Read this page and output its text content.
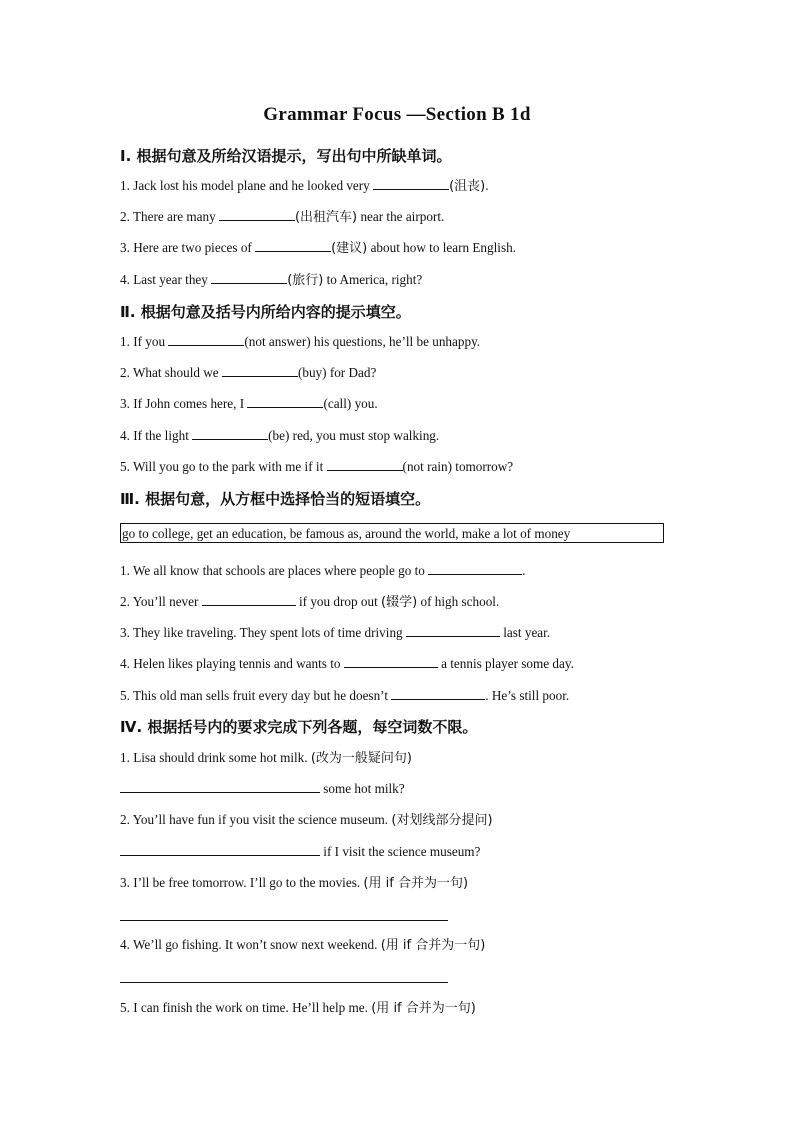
Grammar Focus —Section B 1d
Ⅰ. 根据句意及所给汉语提示，写出句中所缺单词。
1. Jack lost his model plane and he looked very	(沮丧).
2. There are many	(出租汽车) near the airport.
3. Here are two pieces of	(建议) about how to learn English.
4. Last year they	(旅行) to America, right?
Ⅱ. 根据句意及括号内所给内容的提示填空。
1. If you	(not answer) his questions, he’ll be unhappy.
2. What should we	(buy) for Dad?
3. If John comes here, I	(call) you.
4. If the light	(be) red, you must stop walking.
5. Will you go to the park with me if it	(not rain) tomorrow?
Ⅲ. 根据句意，从方框中选择恰当的短语填空。
go to college, get an education, be famous as, around the world, make a lot of money
1. We all know that schools are places where people go to	.
2. You’ll never	if you drop out (辍学) of high school.
3. They like traveling. They spent lots of time driving	last year.
4. Helen likes playing tennis and wants to	a tennis player some day.
5. This old man sells fruit every day but he doesn’t	. He’s still poor.
Ⅳ. 根据括号内的要求完成下列各题，每空词数不限。
1. Lisa should drink some hot milk. (改为一般疑问句)
some hot milk?
2. You’ll have fun if you visit the science museum. (对划线部分提问)
if I visit the science museum?
3. I’ll be free tomorrow. I’ll go to the movies. (用 if 合并为一句)
4. We’ll go fishing. It won’t snow next weekend. (用 if 合并为一句)
5. I can finish the work on time. He’ll help me. (用 if 合并为一句)
